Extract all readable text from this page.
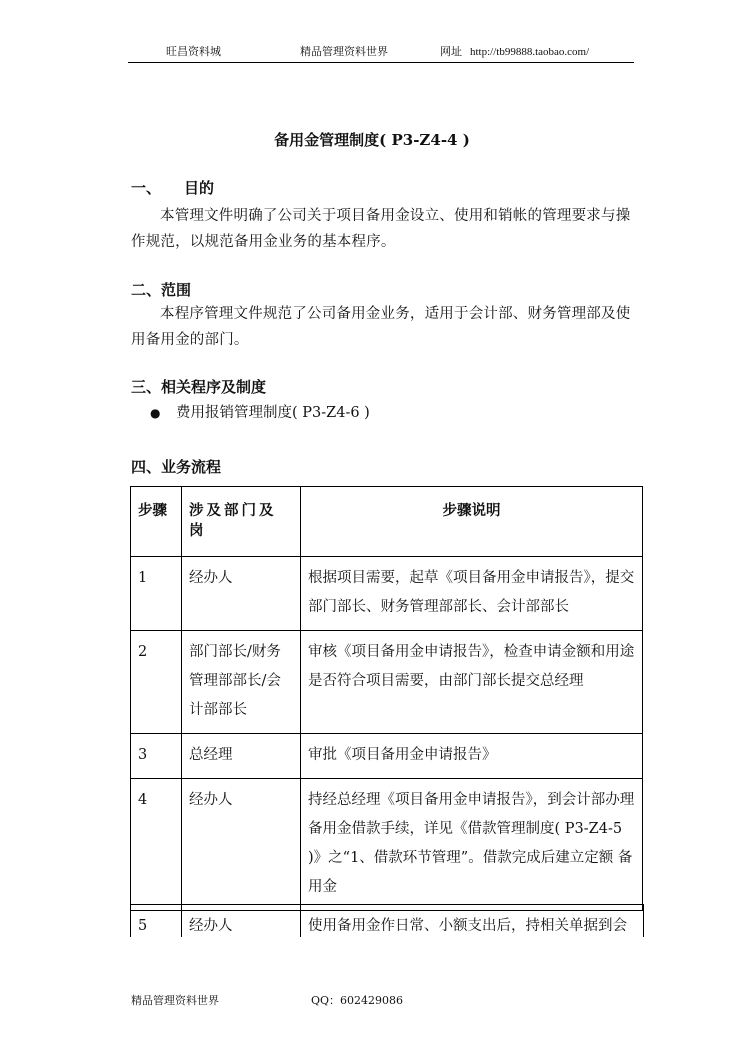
旺昌资料城	精品管理资料世界	网址 http://tb99888.taobao.com/
备用金管理制度( P3-Z4-4 )
一、 目的
本管理文件明确了公司关于项目备用金设立、使用和销帐的管理要求与操作规范，以规范备用金业务的基本程序。
二、范围
本程序管理文件规范了公司备用金业务，适用于会计部、财务管理部及使用备用金的部门。
三、相关程序及制度
● 费用报销管理制度( P3-Z4-6 )
四、业务流程
步骤	涉及部门及岗	步骤说明
1	经办人	根据项目需要，起草《项目备用金申请报告》，提交部门部长、财务管理部部长、会计部部长
2	部门部长/财务管理部部长/会计部部长	审核《项目备用金申请报告》，检查申请金额和用途是否符合项目需要，由部门部长提交总经理
3	总经理	审批《项目备用金申请报告》
4	经办人	持经总经理《项目备用金申请报告》，到会计部办理备用金借款手续，详见《借款管理制度( P3-Z4-5 )》之“1、借款环节管理”。借款完成后建立定额 备用金
5	经办人	使用备用金作日常、小额支出后，持相关单据到会
精品管理资料世界	QQ：602429086
